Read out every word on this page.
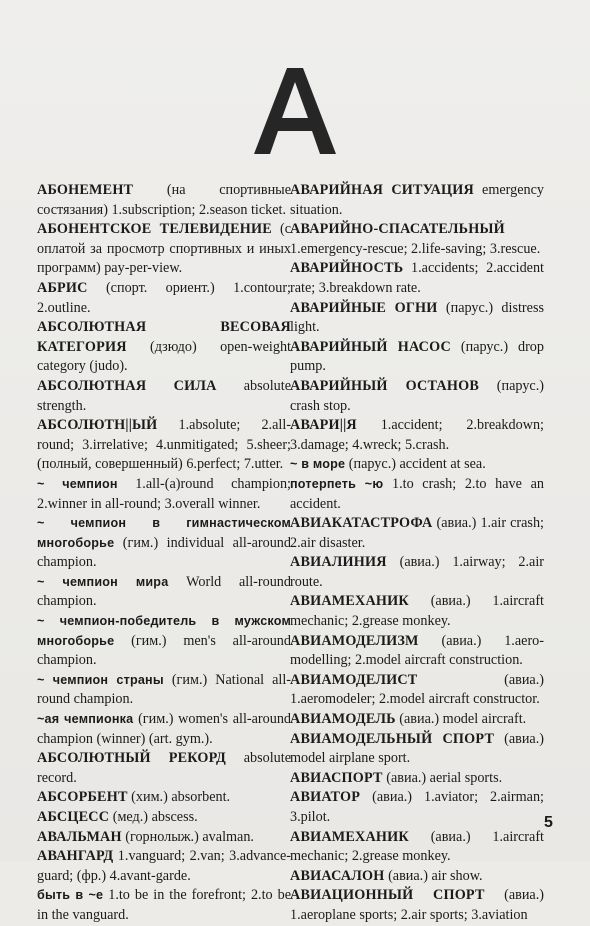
АБОНЕМЕНТ (на спортивные состязания) 1.subscription; 2.season ticket.

АБОНЕНТСКОЕ ТЕЛЕВИДЕНИЕ (с оплатой за просмотр спортивных и иных программ) pay-per-view.

АБРИС (спорт. ориент.) 1.contour; 2.outline.

АБСОЛЮТНАЯ ВЕСОВАЯ КАТЕГОРИЯ (дзюдо) open-weight category (judo).

АБСОЛЮТНАЯ СИЛА absolute strength.

АБСОЛЮТН||ЫЙ 1.absolute; 2.all-round; 3.irrelative; 4.unmitigated; 5.sheer; (полный, совершенный) 6.perfect; 7.utter.

~ чемпион 1.all-(a)round champion; 2.winner in all-round; 3.overall winner.

~ чемпион в гимнастическом многоборье (гим.) individual all-around champion.

~ чемпион мира World all-round champion.

~ чемпион-победитель в мужском многоборье (гим.) men's all-around champion.

~ чемпион страны (гим.) National all-round champion.

~ая чемпионка (гим.) women's all-around champion (winner) (art. gym.).

АБСОЛЮТНЫЙ РЕКОРД absolute record.

АБСОРБЕНТ (хим.) absorbent.

АБСЦЕСС (мед.) abscess.

АВАЛЬМАН (горнолыж.) avalman.

АВАНГАРД 1.vanguard; 2.van; 3.advance-guard; (фр.) 4.avant-garde.

быть в ~е 1.to be in the forefront; 2.to be in the vanguard.

АВАРИЙНАЯ СИТУАЦИЯ emergency situation.

АВАРИЙНО-СПАСАТЕЛЬНЫЙ 1.emergency-rescue; 2.life-saving; 3.rescue.

АВАРИЙНОСТЬ 1.accidents; 2.accident rate; 3.breakdown rate.

АВАРИЙНЫЕ ОГНИ (парус.) distress light.

АВАРИЙНЫЙ НАСОС (парус.) drop pump.

АВАРИЙНЫЙ ОСТАНОВ (парус.) crash stop.

АВАРИ||Я 1.accident; 2.breakdown; 3.damage; 4.wreck; 5.crash.

~ в море (парус.) accident at sea.

потерпеть ~ю 1.to crash; 2.to have an accident.

АВИАКАТАСТРОФА (авиа.) 1.air crash; 2.air disaster.

АВИАЛИНИЯ (авиа.) 1.airway; 2.air route.

АВИАМЕХАНИК (авиа.) 1.aircraft mechanic; 2.grease monkey.

АВИАМОДЕЛИЗМ (авиа.) 1.aero-modelling; 2.model aircraft construction.

АВИАМОДЕЛИСТ (авиа.) 1.aeromodeler; 2.model aircraft constructor.

АВИАМОДЕЛЬ (авиа.) model aircraft.

АВИАМОДЕЛЬНЫЙ СПОРТ (авиа.) model airplane sport.

АВИАСПОРТ (авиа.) aerial sports.

АВИАТОР (авиа.) 1.aviator; 2.airman; 3.pilot.

АВИАМЕХАНИК (авиа.) 1.aircraft mechanic; 2.grease monkey.

АВИАСАЛОН (авиа.) air show.

АВИАЦИОННЫЙ СПОРТ (авиа.) 1.aeroplane sports; 2.air sports; 3.aviation

5
